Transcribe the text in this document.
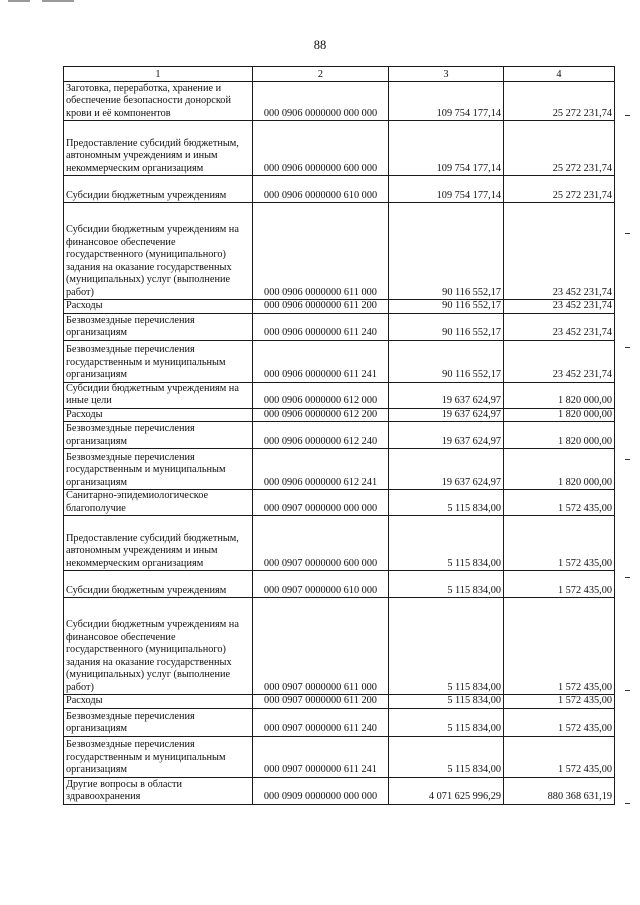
88
1	2	3	4
Заготовка, переработка, хранение и обеспечение безопасности донорской крови и её компонентов	000 0906 0000000 000 000	109 754 177,14	25 272 231,74
Предоставление субсидий бюджетным, автономным учреждениям и иным некоммерческим организациям	000 0906 0000000 600 000	109 754 177,14	25 272 231,74
Субсидии бюджетным учреждениям	000 0906 0000000 610 000	109 754 177,14	25 272 231,74
Субсидии бюджетным учреждениям на финансовое обеспечение государственного (муниципального) задания на оказание государственных (муниципальных) услуг (выполнение работ)	000 0906 0000000 611 000	90 116 552,17	23 452 231,74
Расходы	000 0906 0000000 611 200	90 116 552,17	23 452 231,74
Безвозмездные перечисления организациям	000 0906 0000000 611 240	90 116 552,17	23 452 231,74
Безвозмездные перечисления государственным и муниципальным организациям	000 0906 0000000 611 241	90 116 552,17	23 452 231,74
Субсидии бюджетным учреждениям на иные цели	000 0906 0000000 612 000	19 637 624,97	1 820 000,00
Расходы	000 0906 0000000 612 200	19 637 624,97	1 820 000,00
Безвозмездные перечисления организациям	000 0906 0000000 612 240	19 637 624,97	1 820 000,00
Безвозмездные перечисления государственным и муниципальным организациям	000 0906 0000000 612 241	19 637 624,97	1 820 000,00
Санитарно-эпидемиологическое благополучие	000 0907 0000000 000 000	5 115 834,00	1 572 435,00
Предоставление субсидий бюджетным, автономным учреждениям и иным некоммерческим организациям	000 0907 0000000 600 000	5 115 834,00	1 572 435,00
Субсидии бюджетным учреждениям	000 0907 0000000 610 000	5 115 834,00	1 572 435,00
Субсидии бюджетным учреждениям на финансовое обеспечение государственного (муниципального) задания на оказание государственных (муниципальных) услуг (выполнение работ)	000 0907 0000000 611 000	5 115 834,00	1 572 435,00
Расходы	000 0907 0000000 611 200	5 115 834,00	1 572 435,00
Безвозмездные перечисления организациям	000 0907 0000000 611 240	5 115 834,00	1 572 435,00
Безвозмездные перечисления государственным и муниципальным организациям	000 0907 0000000 611 241	5 115 834,00	1 572 435,00
Другие вопросы в области здравоохранения	000 0909 0000000 000 000	4 071 625 996,29	880 368 631,19
